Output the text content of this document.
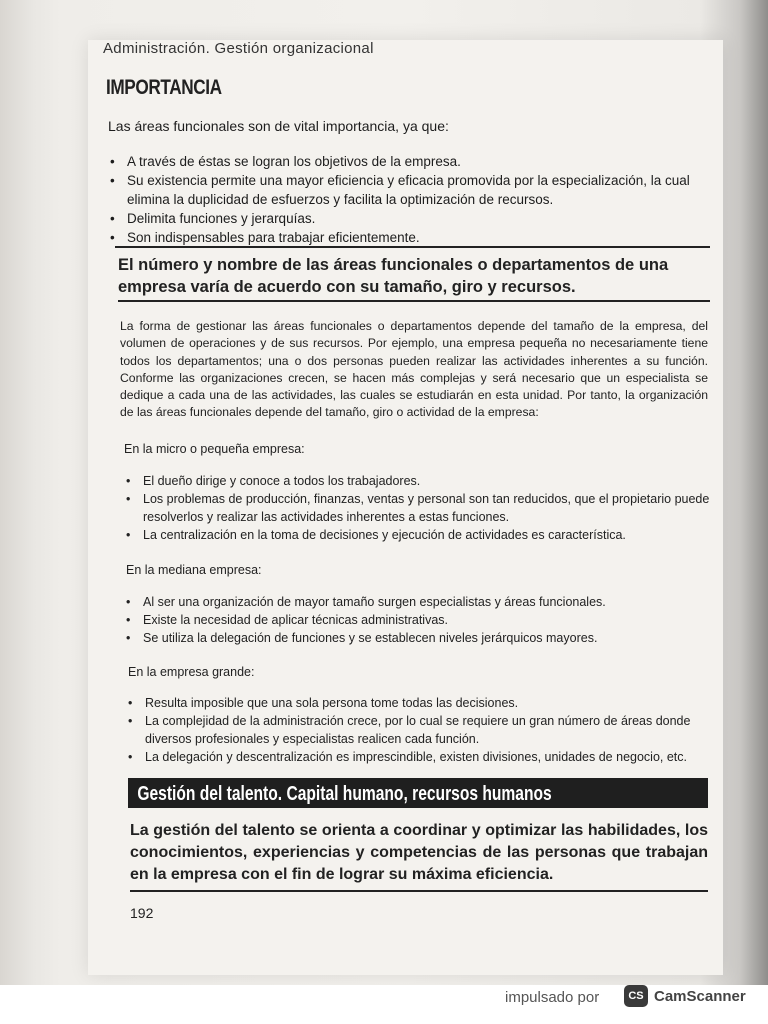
Administración. Gestión organizacional
IMPORTANCIA
Las áreas funcionales son de vital importancia, ya que:
• A través de éstas se logran los objetivos de la empresa.
• Su existencia permite una mayor eficiencia y eficacia promovida por la especialización, la cual elimina la duplicidad de esfuerzos y facilita la optimización de recursos.
• Delimita funciones y jerarquías.
• Son indispensables para trabajar eficientemente.
El número y nombre de las áreas funcionales o departamentos de una empresa varía de acuerdo con su tamaño, giro y recursos.
La forma de gestionar las áreas funcionales o departamentos depende del tamaño de la empresa, del volumen de operaciones y de sus recursos. Por ejemplo, una empresa pequeña no necesariamente tiene todos los departamentos; una o dos personas pueden realizar las actividades inherentes a su función. Conforme las organizaciones crecen, se hacen más complejas y será necesario que un especialista se dedique a cada una de las actividades, las cuales se estudiarán en esta unidad. Por tanto, la organización de las áreas funcionales depende del tamaño, giro o actividad de la empresa:
En la micro o pequeña empresa:
• El dueño dirige y conoce a todos los trabajadores.
• Los problemas de producción, finanzas, ventas y personal son tan reducidos, que el propietario puede resolverlos y realizar las actividades inherentes a estas funciones.
• La centralización en la toma de decisiones y ejecución de actividades es característica.
En la mediana empresa:
• Al ser una organización de mayor tamaño surgen especialistas y áreas funcionales.
• Existe la necesidad de aplicar técnicas administrativas.
• Se utiliza la delegación de funciones y se establecen niveles jerárquicos mayores.
En la empresa grande:
• Resulta imposible que una sola persona tome todas las decisiones.
• La complejidad de la administración crece, por lo cual se requiere un gran número de áreas donde diversos profesionales y especialistas realicen cada función.
• La delegación y descentralización es imprescindible, existen divisiones, unidades de negocio, etc.
Gestión del talento. Capital humano, recursos humanos
La gestión del talento se orienta a coordinar y optimizar las habilidades, los conocimientos, experiencias y competencias de las personas que trabajan en la empresa con el fin de lograr su máxima eficiencia.
192
impulsado por	CS CamScanner
